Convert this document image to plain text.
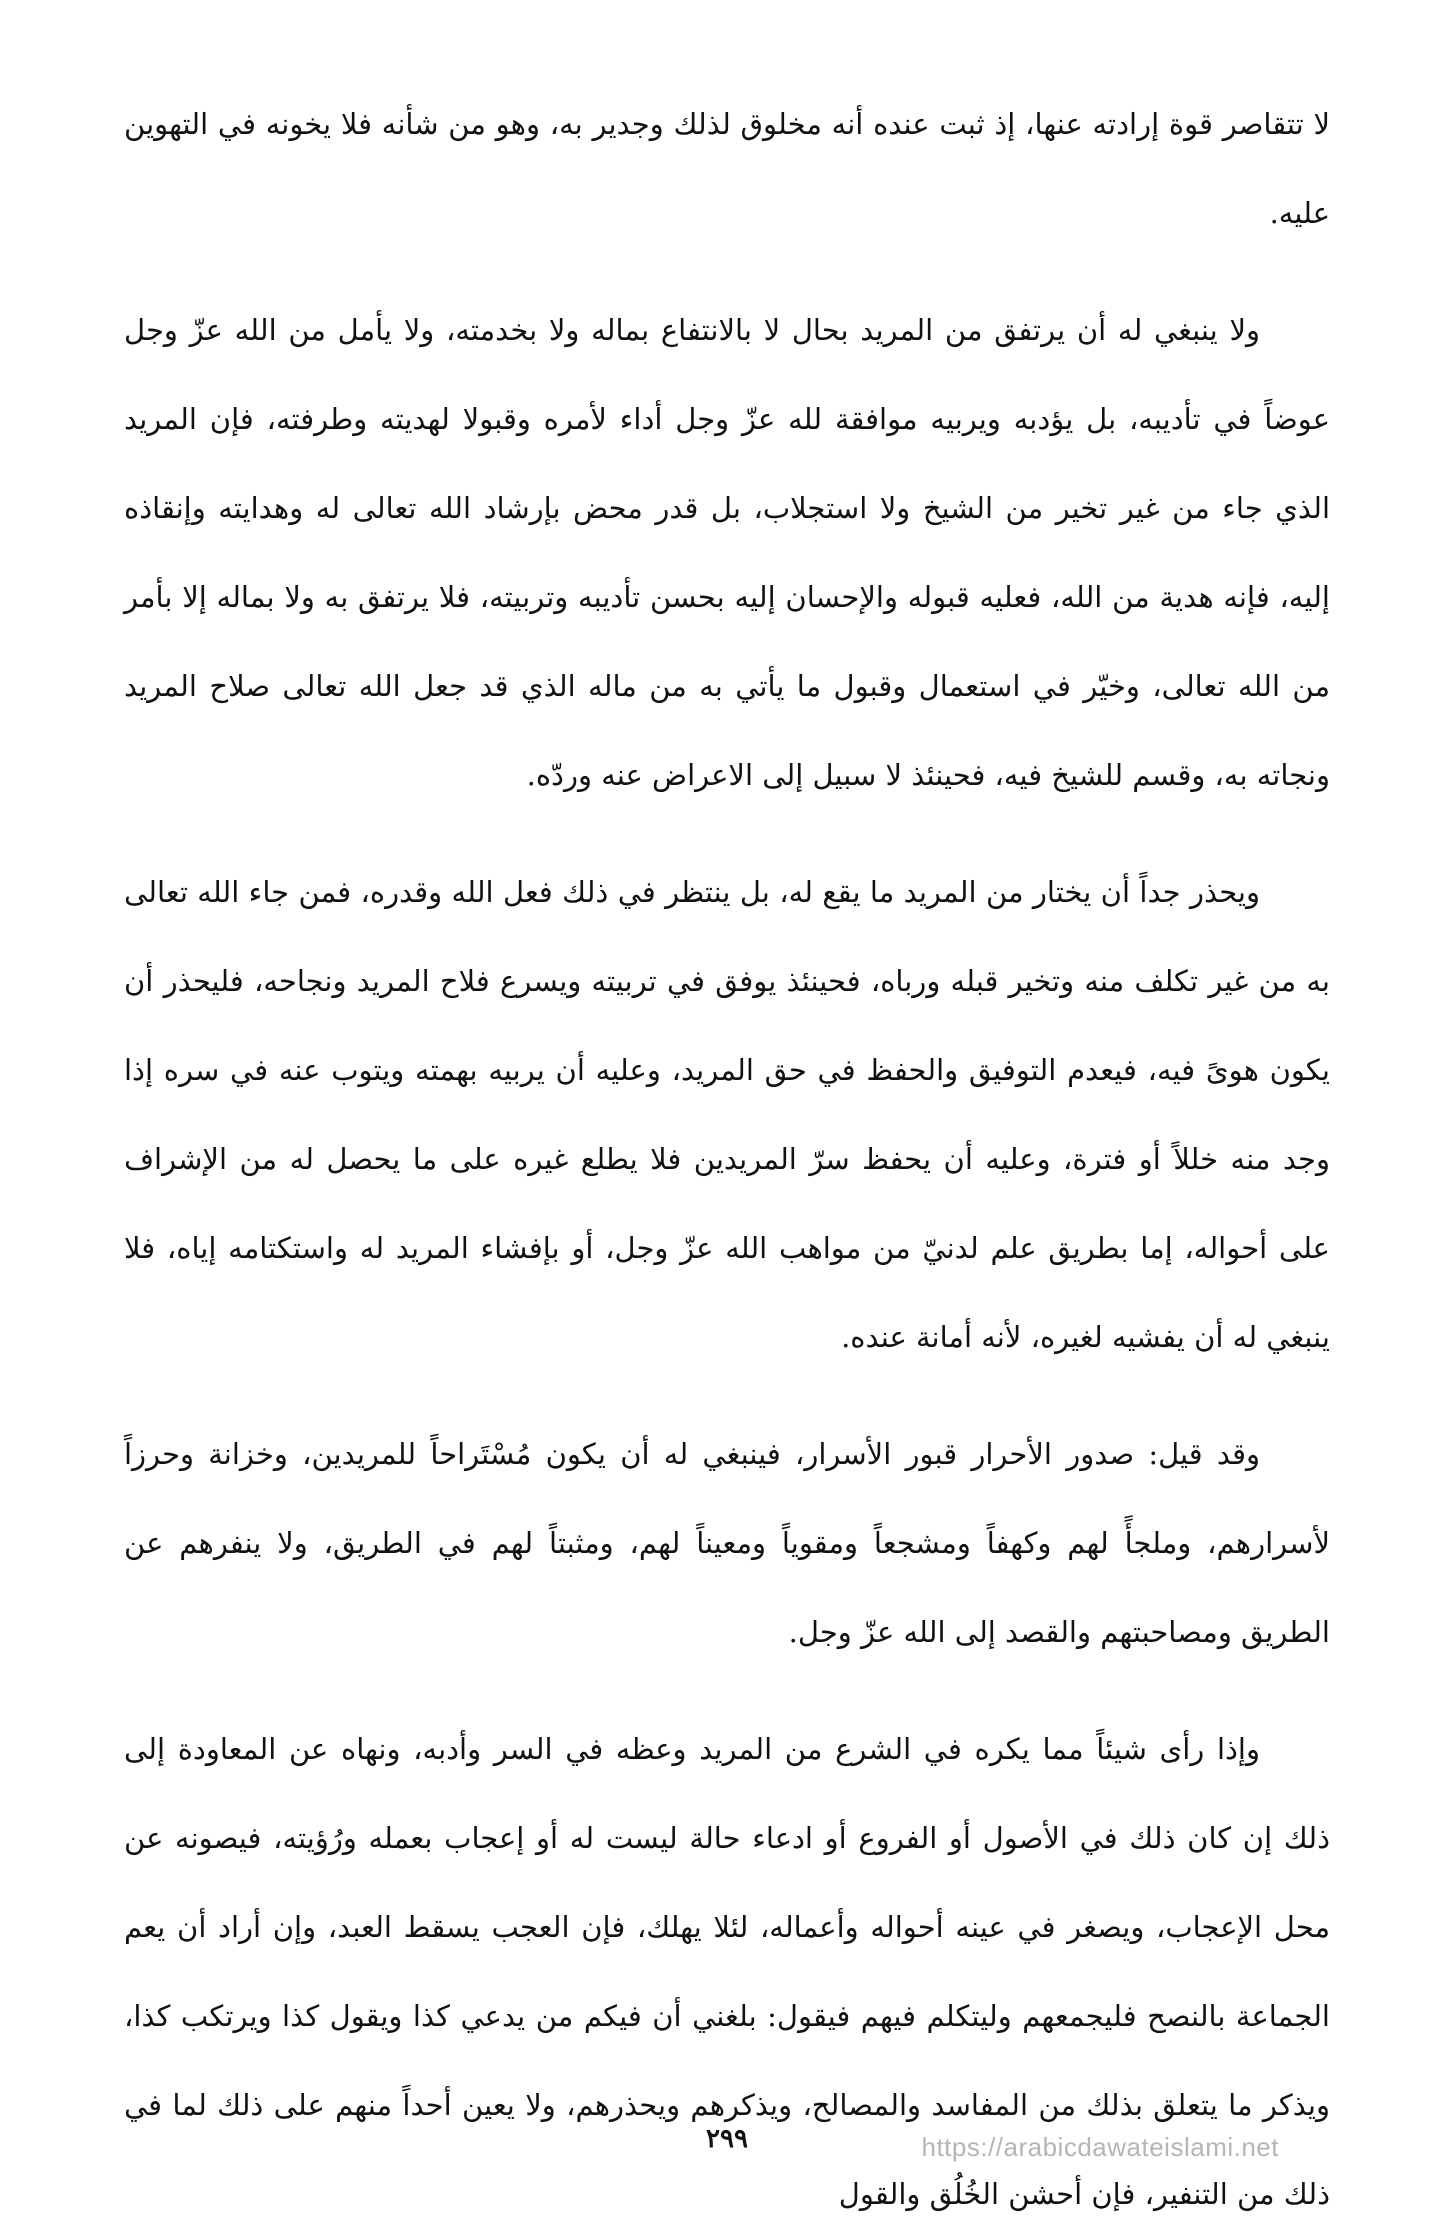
لا تتقاصر قوة إرادته عنها، إذ ثبت عنده أنه مخلوق لذلك وجدير به، وهو من شأنه فلا يخونه في التهوين عليه.

ولا ينبغي له أن يرتفق من المريد بحال لا بالانتفاع بماله ولا بخدمته، ولا يأمل من الله عزّ وجل عوضاً في تأديبه، بل يؤدبه ويربيه موافقة لله عزّ وجل أداء لأمره وقبولا لهديته وطرفته، فإن المريد الذي جاء من غير تخير من الشيخ ولا استجلاب، بل قدر محض بإرشاد الله تعالى له وهدايته وإنقاذه إليه، فإنه هدية من الله، فعليه قبوله والإحسان إليه بحسن تأديبه وتربيته، فلا يرتفق به ولا بماله إلا بأمر من الله تعالى، وخيّر في استعمال وقبول ما يأتي به من ماله الذي قد جعل الله تعالى صلاح المريد ونجاته به، وقسم للشيخ فيه، فحينئذ لا سبيل إلى الاعراض عنه وردّه.

ويحذر جداً أن يختار من المريد ما يقع له، بل ينتظر في ذلك فعل الله وقدره، فمن جاء الله تعالى به من غير تكلف منه وتخير قبله ورباه، فحينئذ يوفق في تربيته ويسرع فلاح المريد ونجاحه، فليحذر أن يكون هوىً فيه، فيعدم التوفيق والحفظ في حق المريد، وعليه أن يربيه بهمته ويتوب عنه في سره إذا وجد منه خللاً أو فترة، وعليه أن يحفظ سرّ المريدين فلا يطلع غيره على ما يحصل له من الإشراف على أحواله، إما بطريق علم لدنيّ من مواهب الله عزّ وجل، أو بإفشاء المريد له واستكتامه إياه، فلا ينبغي له أن يفشيه لغيره، لأنه أمانة عنده.

وقد قيل: صدور الأحرار قبور الأسرار، فينبغي له أن يكون مُسْتَراحاً للمريدين، وخزانة وحرزاً لأسرارهم، وملجأً لهم وكهفاً ومشجعاً ومقوياً ومعيناً لهم، ومثبتاً لهم في الطريق، ولا ينفرهم عن الطريق ومصاحبتهم والقصد إلى الله عزّ وجل.

وإذا رأى شيئاً مما يكره في الشرع من المريد وعظه في السر وأدبه، ونهاه عن المعاودة إلى ذلك إن كان ذلك في الأصول أو الفروع أو ادعاء حالة ليست له أو إعجاب بعمله ورُؤيته، فيصونه عن محل الإعجاب، ويصغر في عينه أحواله وأعماله، لئلا يهلك، فإن العجب يسقط العبد، وإن أراد أن يعم الجماعة بالنصح فليجمعهم وليتكلم فيهم فيقول: بلغني أن فيكم من يدعي كذا ويقول كذا ويرتكب كذا، ويذكر ما يتعلق بذلك من المفاسد والمصالح، ويذكرهم ويحذرهم، ولا يعين أحداً منهم على ذلك لما في ذلك من التنفير، فإن أحشن الخُلُق والقول

٢٩٩	https://arabicdawateislami.net
